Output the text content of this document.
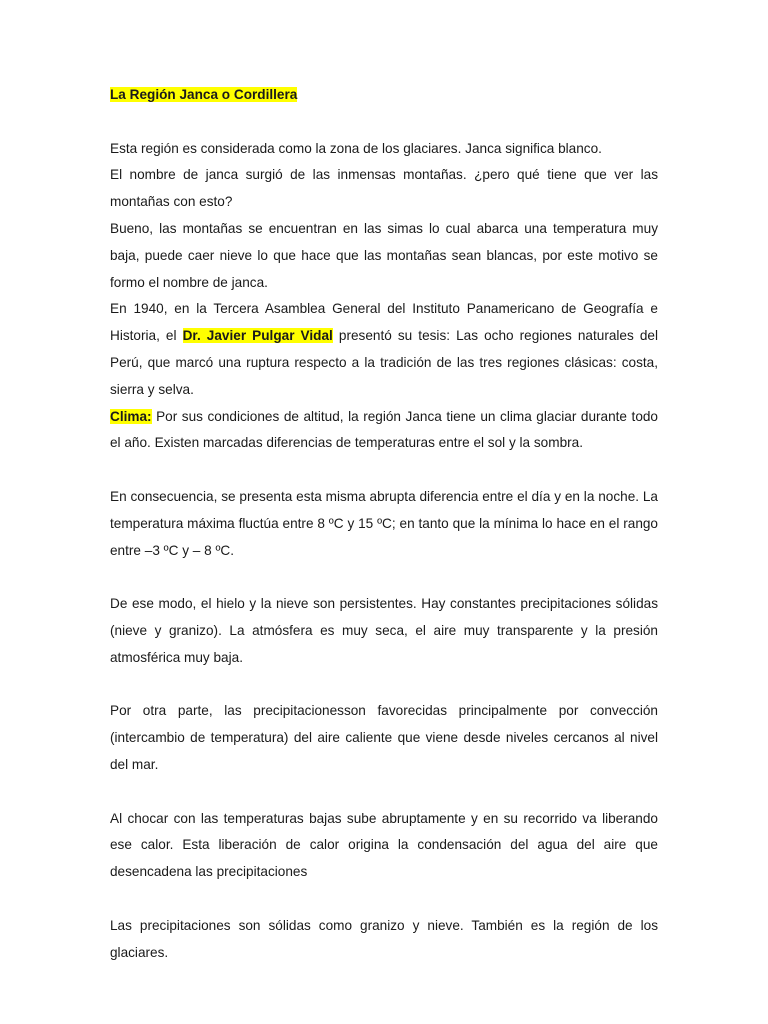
La Región Janca o Cordillera

Esta región es considerada como la zona de los glaciares. Janca significa blanco.

El nombre de janca surgió de las inmensas montañas. ¿pero qué tiene que ver las montañas con esto?

Bueno, las montañas se encuentran en las simas lo cual abarca una temperatura muy baja, puede caer nieve lo que hace que las montañas sean blancas, por este motivo se formo el nombre de janca.

En 1940, en la Tercera Asamblea General del Instituto Panamericano de Geografía e Historia, el Dr. Javier Pulgar Vidal presentó su tesis: Las ocho regiones naturales del Perú, que marcó una ruptura respecto a la tradición de las tres regiones clásicas: costa, sierra y selva.

Clima: Por sus condiciones de altitud, la región Janca tiene un clima glaciar durante todo el año. Existen marcadas diferencias de temperaturas entre el sol y la sombra.

En consecuencia, se presenta esta misma abrupta diferencia entre el día y en la noche. La temperatura máxima fluctúa entre 8 ºC y 15 ºC; en tanto que la mínima lo hace en el rango entre –3 ºC y – 8 ºC.

De ese modo, el hielo y la nieve son persistentes. Hay constantes precipitaciones sólidas (nieve y granizo). La atmósfera es muy seca, el aire muy transparente y la presión atmosférica muy baja.

Por otra parte, las precipitacionesson favorecidas principalmente por convección (intercambio de temperatura) del aire caliente que viene desde niveles cercanos al nivel del mar.

Al chocar con las temperaturas bajas sube abruptamente y en su recorrido va liberando ese calor. Esta liberación de calor origina la condensación del agua del aire que desencadena las precipitaciones

Las precipitaciones son sólidas como granizo y nieve. También es la región de los glaciares.
